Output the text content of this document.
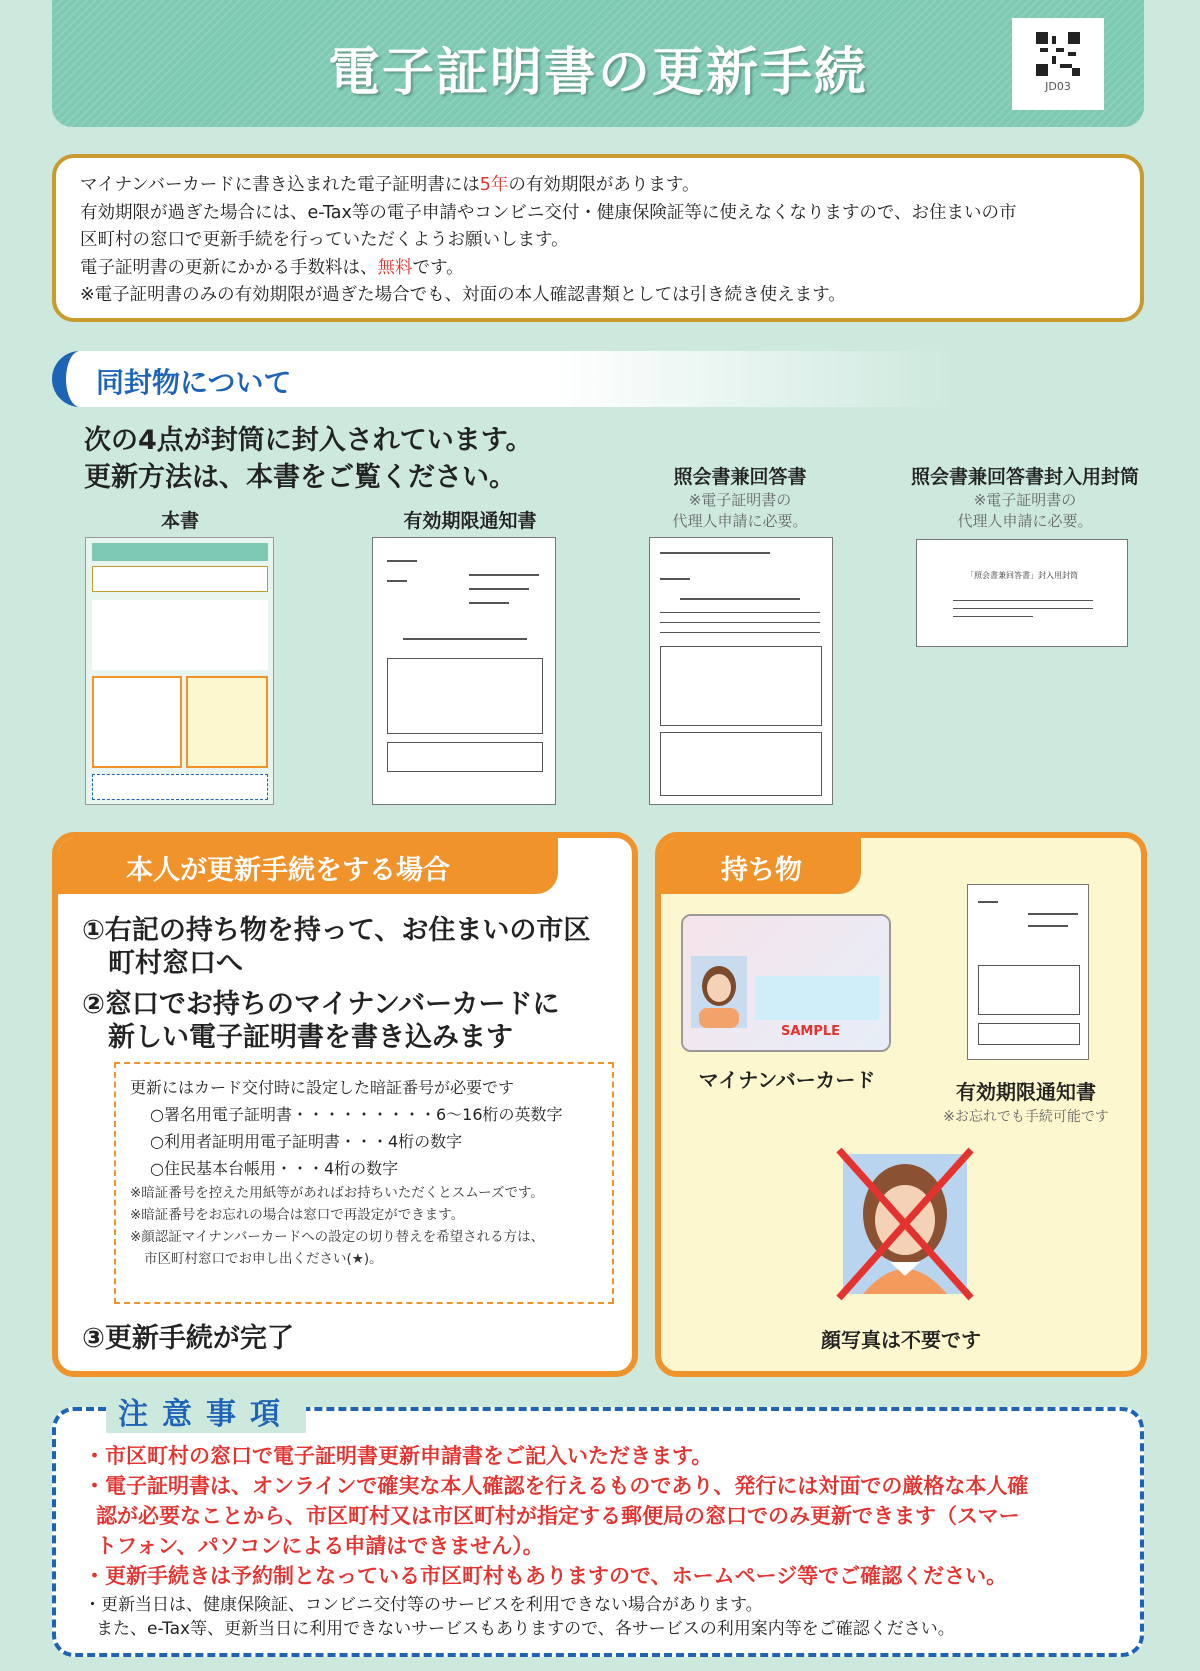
電子証明書の更新手続	JD03
マイナンバーカードに書き込まれた電子証明書には5年の有効期限があります。
有効期限が過ぎた場合には、e-Tax等の電子申請やコンビニ交付・健康保険証等に使えなくなりますので、お住まいの市
区町村の窓口で更新手続を行っていただくようお願いします。
電子証明書の更新にかかる手数料は、無料です。
※電子証明書のみの有効期限が過ぎた場合でも、対面の本人確認書類としては引き続き使えます。
同封物について
次の4点が封筒に封入されています。
更新方法は、本書をご覧ください。
本書	有効期限通知書
照会書兼回答書
※電子証明書の
代理人申請に必要。
照会書兼回答書封入用封筒
※電子証明書の
代理人申請に必要。
「照会書兼回答書」封入用封筒
本人が更新手続をする場合
①右記の持ち物を持って、お住まいの市区
町村窓口へ
②窓口でお持ちのマイナンバーカードに
新しい電子証明書を書き込みます
更新にはカード交付時に設定した暗証番号が必要です
○署名用電子証明書・・・・・・・・・6〜16桁の英数字
○利用者証明用電子証明書・・・4桁の数字
○住民基本台帳用・・・4桁の数字
※暗証番号を控えた用紙等があればお持ちいただくとスムーズです。
※暗証番号をお忘れの場合は窓口で再設定ができます。
※顔認証マイナンバーカードへの設定の切り替えを希望される方は、
市区町村窓口でお申し出ください(★)。
③更新手続が完了
持ち物
SAMPLE
マイナンバーカード	有効期限通知書
※お忘れでも手続可能です
顔写真は不要です
注意事項
・市区町村の窓口で電子証明書更新申請書をご記入いただきます。
・電子証明書は、オンラインで確実な本人確認を行えるものであり、発行には対面での厳格な本人確
認が必要なことから、市区町村又は市区町村が指定する郵便局の窓口でのみ更新できます（スマー
トフォン、パソコンによる申請はできません）。
・更新手続きは予約制となっている市区町村もありますので、ホームページ等でご確認ください。
・更新当日は、健康保険証、コンビニ交付等のサービスを利用できない場合があります。
また、e-Tax等、更新当日に利用できないサービスもありますので、各サービスの利用案内等をご確認ください。
